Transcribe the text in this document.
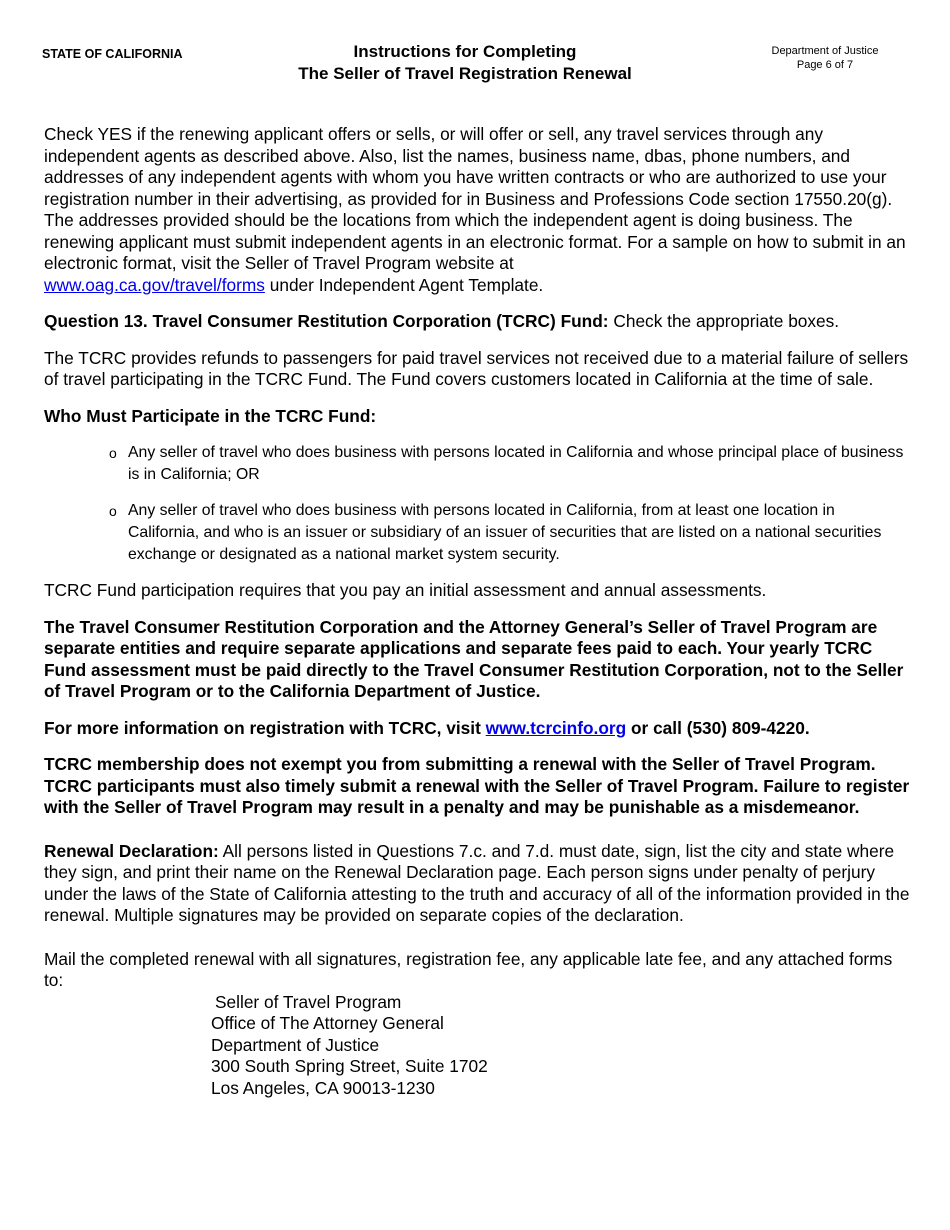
STATE OF CALIFORNIA	Instructions for Completing
The Seller of Travel Registration Renewal
Department of Justice
Page 6 of 7

Check YES if the renewing applicant offers or sells, or will offer or sell, any travel services through any independent agents as described above. Also, list the names, business name, dbas, phone numbers, and addresses of any independent agents with whom you have written contracts or who are authorized to use your registration number in their advertising, as provided for in Business and Professions Code section 17550.20(g). The addresses provided should be the locations from which the independent agent is doing business. The renewing applicant must submit independent agents in an electronic format. For a sample on how to submit in an electronic format, visit the Seller of Travel Program website at
www.oag.ca.gov/travel/forms under Independent Agent Template.

Question 13. Travel Consumer Restitution Corporation (TCRC) Fund: Check the appropriate boxes.

The TCRC provides refunds to passengers for paid travel services not received due to a material failure of sellers of travel participating in the TCRC Fund. The Fund covers customers located in California at the time of sale.

Who Must Participate in the TCRC Fund:

o Any seller of travel who does business with persons located in California and whose principal place of business is in California; OR
o Any seller of travel who does business with persons located in California, from at least one location in California, and who is an issuer or subsidiary of an issuer of securities that are listed on a national securities exchange or designated as a national market system security.

TCRC Fund participation requires that you pay an initial assessment and annual assessments.

The Travel Consumer Restitution Corporation and the Attorney General’s Seller of Travel Program are separate entities and require separate applications and separate fees paid to each. Your yearly TCRC Fund assessment must be paid directly to the Travel Consumer Restitution Corporation, not to the Seller of Travel Program or to the California Department of Justice.

For more information on registration with TCRC, visit www.tcrcinfo.org or call (530) 809-4220.

TCRC membership does not exempt you from submitting a renewal with the Seller of Travel Program. TCRC participants must also timely submit a renewal with the Seller of Travel Program. Failure to register with the Seller of Travel Program may result in a penalty and may be punishable as a misdemeanor.

Renewal Declaration: All persons listed in Questions 7.c. and 7.d. must date, sign, list the city and state where they sign, and print their name on the Renewal Declaration page. Each person signs under penalty of perjury under the laws of the State of California attesting to the truth and accuracy of all of the information provided in the renewal. Multiple signatures may be provided on separate copies of the declaration.

Mail the completed renewal with all signatures, registration fee, any applicable late fee, and any attached forms to:
Seller of Travel Program
Office of The Attorney General
Department of Justice
300 South Spring Street, Suite 1702
Los Angeles, CA 90013-1230
